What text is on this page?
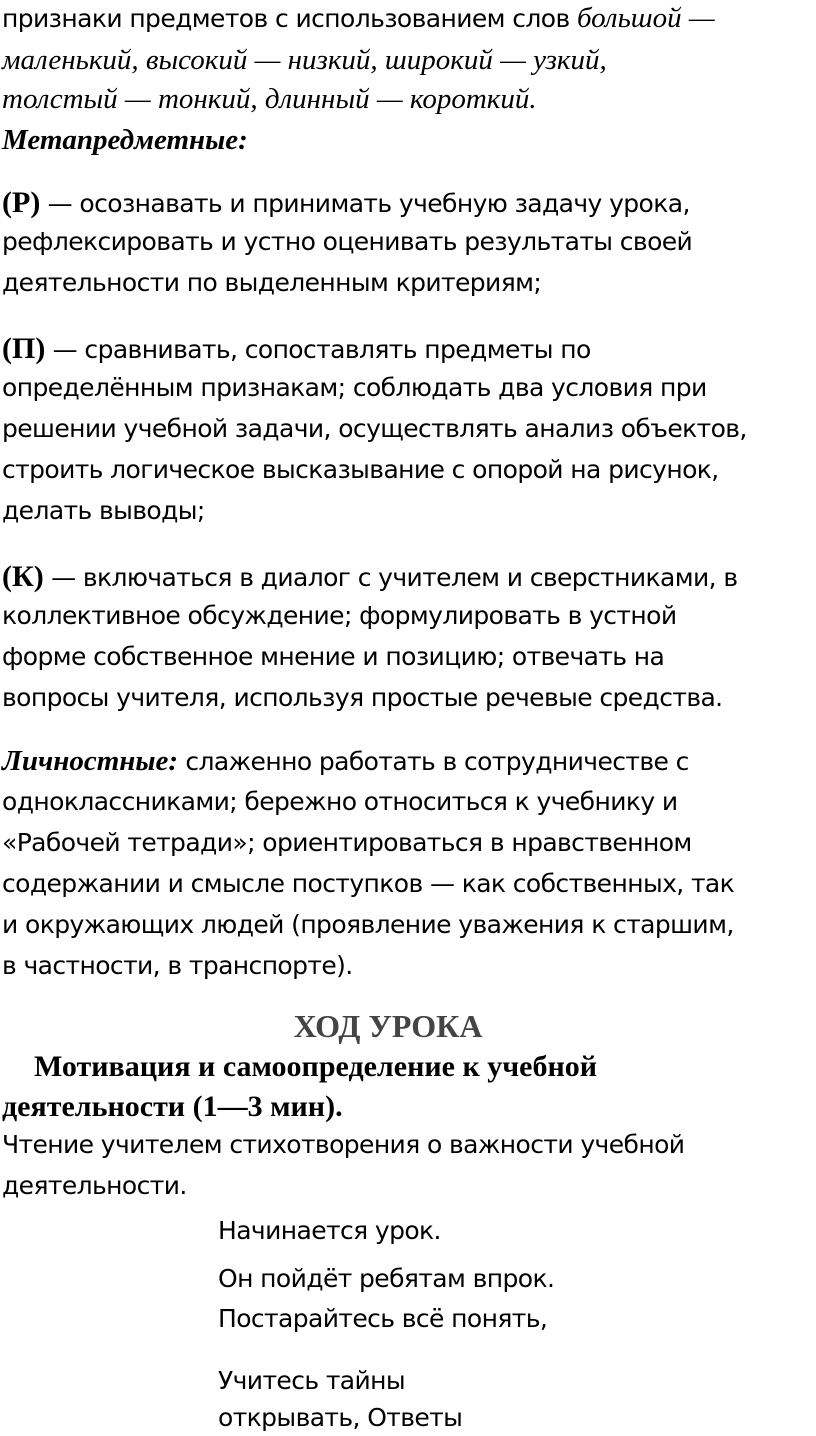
признаки предметов с использованием слов большой —
маленький, высокий — низкий, широкий — узкий,
толстый — тонкий, длинный — короткий.
Метапредметные:
(Р) — осознавать и принимать учебную задачу урока,
рефлексировать и устно оценивать результаты своей
деятельности по выделенным критериям;
(П) — сравнивать, сопоставлять предметы по
определённым признакам; соблюдать два условия при
решении учебной задачи, осуществлять анализ объектов,
строить логическое высказывание с опорой на рисунок,
делать выводы;
(К) — включаться в диалог с учителем и сверстниками, в
коллективное обсуждение; формулировать в устной
форме собственное мнение и позицию; отвечать на
вопросы учителя, используя простые речевые средства.
Личностные: слаженно работать в сотрудничестве с
одноклассниками; бережно относиться к учебнику и
«Рабочей тетради»; ориентироваться в нравственном
содержании и смысле поступков — как собственных, так
и окружающих людей (проявление уважения к старшим,
в частности, в транспорте).
ХОД УРОКА
Мотивация и самоопределение к учебной
деятельности (1—3 мин).
Чтение учителем стихотворения о важности учебной
деятельности.
Начинается урок.
Он пойдёт ребятам впрок.
Постарайтесь всё понять,
Учитесь тайны
открывать, Ответы
